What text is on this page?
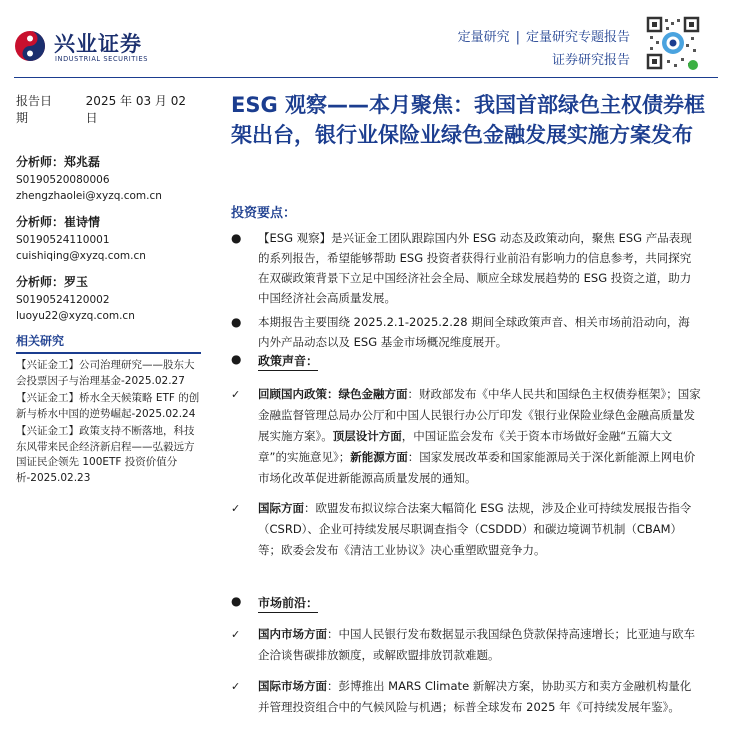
兴业证券
INDUSTRIAL SECURITIES
定量研究 | 定量研究专题报告
证券研究报告
报告日期
2025 年 03 月 02 日
分析师：郑兆磊
S0190520080006
zhengzhaolei@xyzq.com.cn
分析师：崔诗情
S0190524110001
cuishiqing@xyzq.com.cn
分析师：罗玉
S0190524120002
luoyu22@xyzq.com.cn
相关研究
【兴证金工】公司治理研究——股东大会投票因子与治理基金-2025.02.27
【兴证金工】桥水全天候策略 ETF 的创新与桥水中国的逆势崛起-2025.02.24
【兴证金工】政策支持不断落地，科技东风带来民企经济新启程——弘毅远方国证民企领先 100ETF 投资价值分析-2025.02.23
ESG 观察——本月聚焦：我国首部绿色主权债券框架出台，银行业保险业绿色金融发展实施方案发布
投资要点：
● 【ESG 观察】是兴证金工团队跟踪国内外 ESG 动态及政策动向，聚焦 ESG 产品表现的系列报告，希望能够帮助 ESG 投资者获得行业前沿有影响力的信息参考，共同探究在双碳政策背景下立足中国经济社会全局、顺应全球发展趋势的 ESG 投资之道，助力中国经济社会高质量发展。
● 本期报告主要围绕 2025.2.1-2025.2.28 期间全球政策声音、相关市场前沿动向，海内外产品动态以及 ESG 基金市场概况维度展开。
● 政策声音：
✓ 回顾国内政策：绿色金融方面：财政部发布《中华人民共和国绿色主权债券框架》；国家金融监督管理总局办公厅和中国人民银行办公厅印发《银行业保险业绿色金融高质量发展实施方案》。顶层设计方面，中国证监会发布《关于资本市场做好金融“五篇大文章”的实施意见》；新能源方面：国家发展改革委和国家能源局关于深化新能源上网电价市场化改革促进新能源高质量发展的通知。
✓ 国际方面：欧盟发布拟议综合法案大幅简化 ESG 法规，涉及企业可持续发展报告指令（CSRD）、企业可持续发展尽职调查指令（CSDDD）和碳边境调节机制（CBAM）等；欧委会发布《清洁工业协议》决心重塑欧盟竞争力。
● 市场前沿：
✓ 国内市场方面：中国人民银行发布数据显示我国绿色贷款保持高速增长；比亚迪与欧车企洽谈售碳排放额度，或解欧盟排放罚款难题。
✓ 国际市场方面：彭博推出 MARS Climate 新解决方案，协助买方和卖方金融机构量化并管理投资组合中的气候风险与机遇；标普全球发布 2025 年《可持续发展年鉴》。
